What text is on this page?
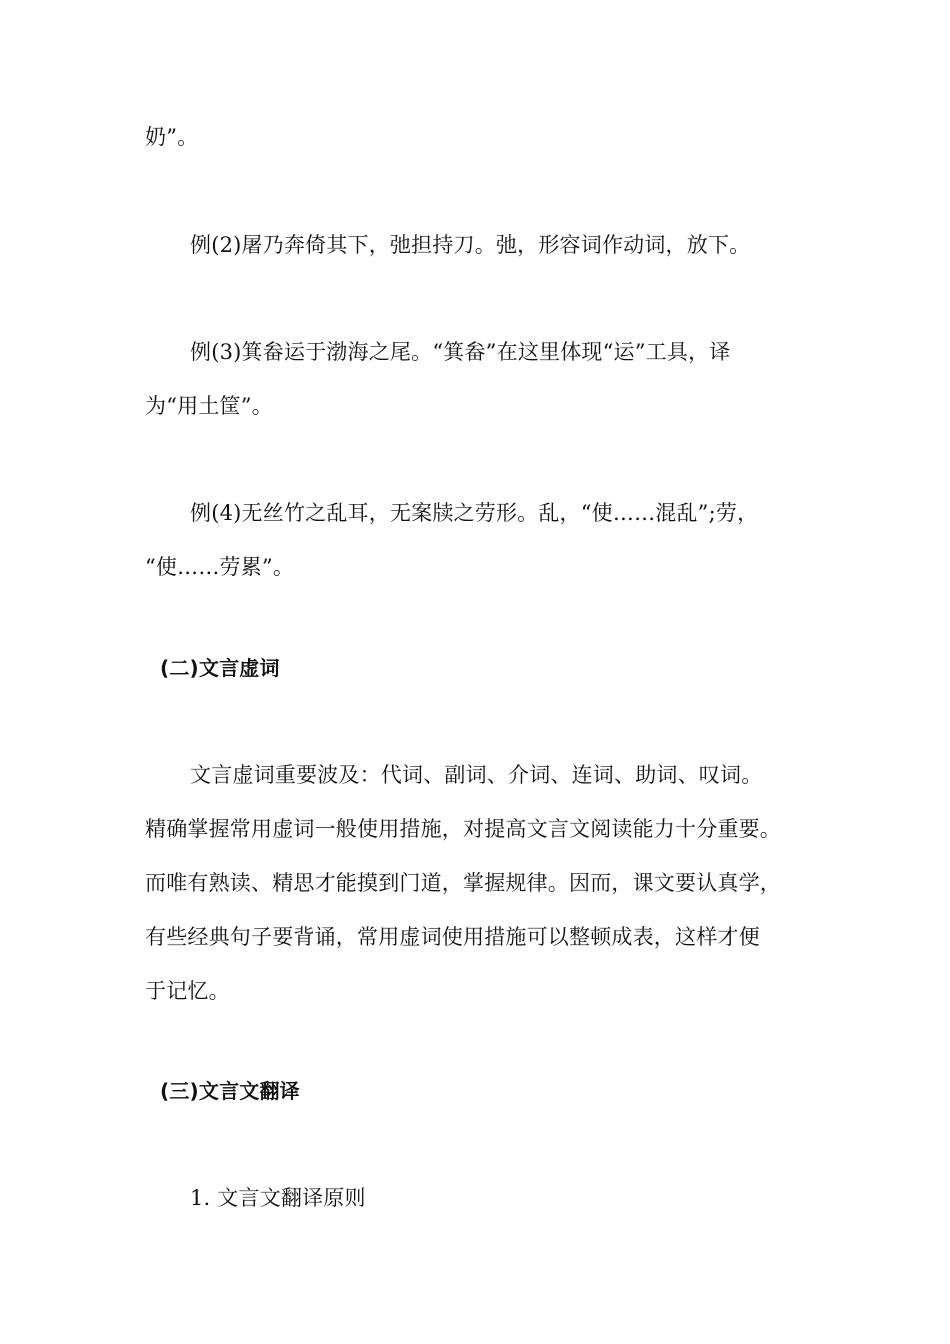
奶”。
例(2)屠乃奔倚其下，弛担持刀。弛，形容词作动词，放下。
例(3)箕畚运于渤海之尾。“箕畚”在这里体现“运”工具，译
为“用土筐”。
例(4)无丝竹之乱耳，无案牍之劳形。乱，“使……混乱”;劳，
“使……劳累”。
(二)文言虚词
文言虚词重要波及：代词、副词、介词、连词、助词、叹词。
精确掌握常用虚词一般使用措施，对提高文言文阅读能力十分重要。
而唯有熟读、精思才能摸到门道，掌握规律。因而，课文要认真学，
有些经典句子要背诵，常用虚词使用措施可以整顿成表，这样才便
于记忆。
(三)文言文翻译
1. 文言文翻译原则
